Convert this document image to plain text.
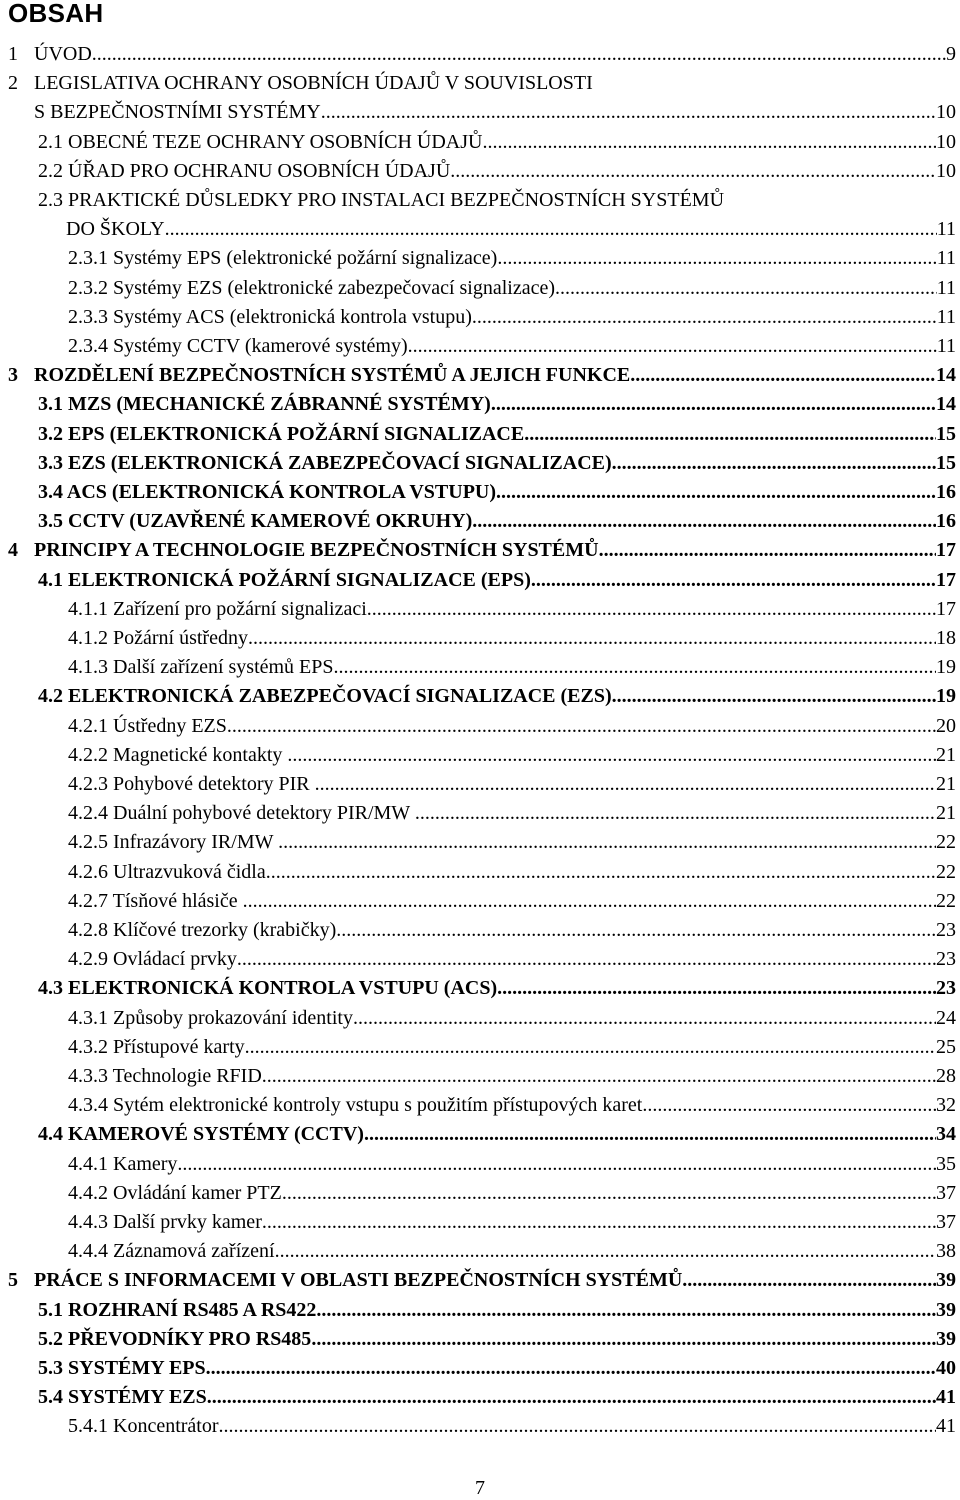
OBSAH
1 ÚVOD .....	9
2 LEGISLATIVA OCHRANY OSOBNÍCH ÚDAJŮ V SOUVISLOSTI
S BEZPEČNOSTNÍMI SYSTÉMY .....	10
2.1 OBECNÉ TEZE OCHRANY OSOBNÍCH ÚDAJŮ .....	10
2.2 ÚŘAD PRO OCHRANU OSOBNÍCH ÚDAJŮ .....	10
2.3 PRAKTICKÉ DŮSLEDKY PRO INSTALACI BEZPEČNOSTNÍCH SYSTÉMŮ
DO ŠKOLY .....	11
2.3.1 Systémy EPS (elektronické požární signalizace) .....	11
2.3.2 Systémy EZS (elektronické zabezpečovací signalizace) .....	11
2.3.3 Systémy ACS (elektronická kontrola vstupu) .....	11
2.3.4 Systémy CCTV (kamerové systémy) .....	11
3 ROZDĚLENÍ BEZPEČNOSTNÍCH SYSTÉMŮ A JEJICH FUNKCE .....	14
3.1 MZS (MECHANICKÉ ZÁBRANNÉ SYSTÉMY) .....	14
3.2 EPS (ELEKTRONICKÁ POŽÁRNÍ SIGNALIZACE .....	15
3.3 EZS (ELEKTRONICKÁ ZABEZPEČOVACÍ SIGNALIZACE) .....	15
3.4 ACS (ELEKTRONICKÁ KONTROLA VSTUPU) .....	16
3.5 CCTV (UZAVŘENÉ KAMEROVÉ OKRUHY) .....	16
4 PRINCIPY A TECHNOLOGIE BEZPEČNOSTNÍCH SYSTÉMŮ .....	17
4.1 ELEKTRONICKÁ POŽÁRNÍ SIGNALIZACE (EPS) .....	17
4.1.1 Zařízení pro požární signalizaci .....	17
4.1.2 Požární ústředny .....	18
4.1.3 Další zařízení systémů EPS .....	19
4.2 ELEKTRONICKÁ ZABEZPEČOVACÍ SIGNALIZACE (EZS) .....	19
4.2.1 Ústředny EZS .....	20
4.2.2 Magnetické kontakty .....	21
4.2.3 Pohybové detektory PIR .....	21
4.2.4 Duální pohybové detektory PIR/MW .....	21
4.2.5 Infrazávory IR/MW .....	22
4.2.6 Ultrazvuková čidla .....	22
4.2.7 Tísňové hlásiče .....	22
4.2.8 Klíčové trezorky (krabičky) .....	23
4.2.9 Ovládací prvky .....	23
4.3 ELEKTRONICKÁ KONTROLA VSTUPU (ACS) .....	23
4.3.1 Způsoby prokazování identity .....	24
4.3.2 Přístupové karty .....	25
4.3.3 Technologie RFID .....	28
4.3.4 Sytém elektronické kontroly vstupu s použitím přístupových karet .....	32
4.4 KAMEROVÉ SYSTÉMY (CCTV) .....	34
4.4.1 Kamery .....	35
4.4.2 Ovládání kamer PTZ .....	37
4.4.3 Další prvky kamer .....	37
4.4.4 Záznamová zařízení .....	38
5 PRÁCE S INFORMACEMI V OBLASTI BEZPEČNOSTNÍCH SYSTÉMŮ .....	39
5.1 ROZHRANÍ RS485 A RS422 .....	39
5.2 PŘEVODNÍKY PRO RS485 .....	39
5.3 SYSTÉMY EPS .....	40
5.4 SYSTÉMY EZS .....	41
5.4.1 Koncentrátor .....	41
7
